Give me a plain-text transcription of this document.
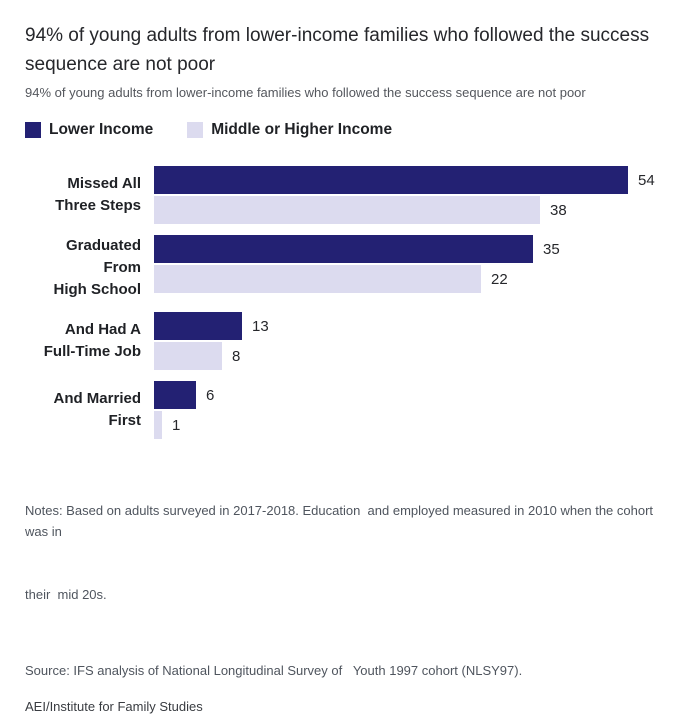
94% of young adults from lower-income families who followed the success
sequence are not poor
94% of young adults from lower-income families who followed the success sequence are not poor
Lower Income	Middle or Higher Income
Missed All
Three Steps
54
38
Graduated From
High School
35
22
And Had A
Full-Time Job
13
8
And Married
First
6
1

Notes: Based on adults surveyed in 2017-2018. Education  and employed measured in 2010 when the cohort was in

their  mid 20s.

Source: IFS analysis of National Longitudinal Survey of   Youth 1997 cohort (NLSY97).
AEI/Institute for Family Studies
